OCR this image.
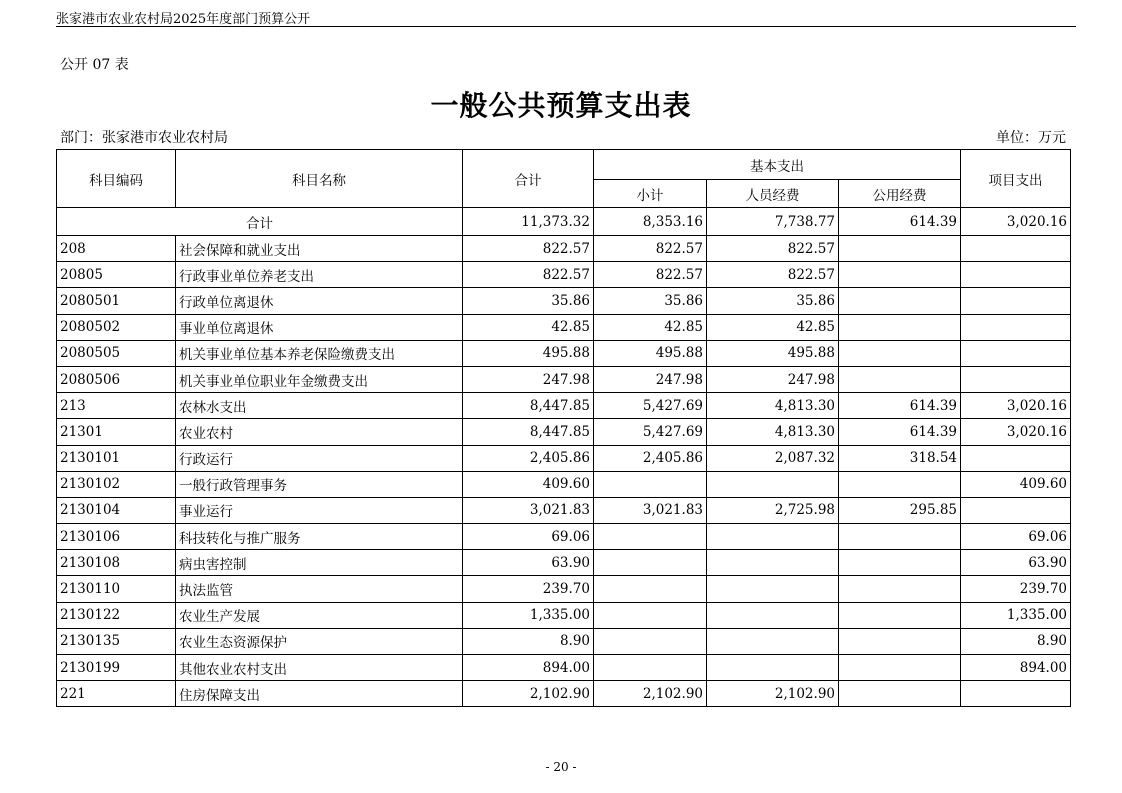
张家港市农业农村局2025年度部门预算公开
公开 07 表
一般公共预算支出表
部门：张家港市农业农村局	单位：万元
科目编码	科目名称	合计	基本支出			项目支出
			小计	人员经费	公用经费	
合计		11,373.32	8,353.16	7,738.77	614.39	3,020.16
208	社会保障和就业支出	822.57	822.57	822.57		
20805	行政事业单位养老支出	822.57	822.57	822.57		
2080501	行政单位离退休	35.86	35.86	35.86		
2080502	事业单位离退休	42.85	42.85	42.85		
2080505	机关事业单位基本养老保险缴费支出	495.88	495.88	495.88		
2080506	机关事业单位职业年金缴费支出	247.98	247.98	247.98		
213	农林水支出	8,447.85	5,427.69	4,813.30	614.39	3,020.16
21301	农业农村	8,447.85	5,427.69	4,813.30	614.39	3,020.16
2130101	行政运行	2,405.86	2,405.86	2,087.32	318.54	
2130102	一般行政管理事务	409.60				409.60
2130104	事业运行	3,021.83	3,021.83	2,725.98	295.85	
2130106	科技转化与推广服务	69.06				69.06
2130108	病虫害控制	63.90				63.90
2130110	执法监管	239.70				239.70
2130122	农业生产发展	1,335.00				1,335.00
2130135	农业生态资源保护	8.90				8.90
2130199	其他农业农村支出	894.00				894.00
221	住房保障支出	2,102.90	2,102.90	2,102.90		
- 20 -
